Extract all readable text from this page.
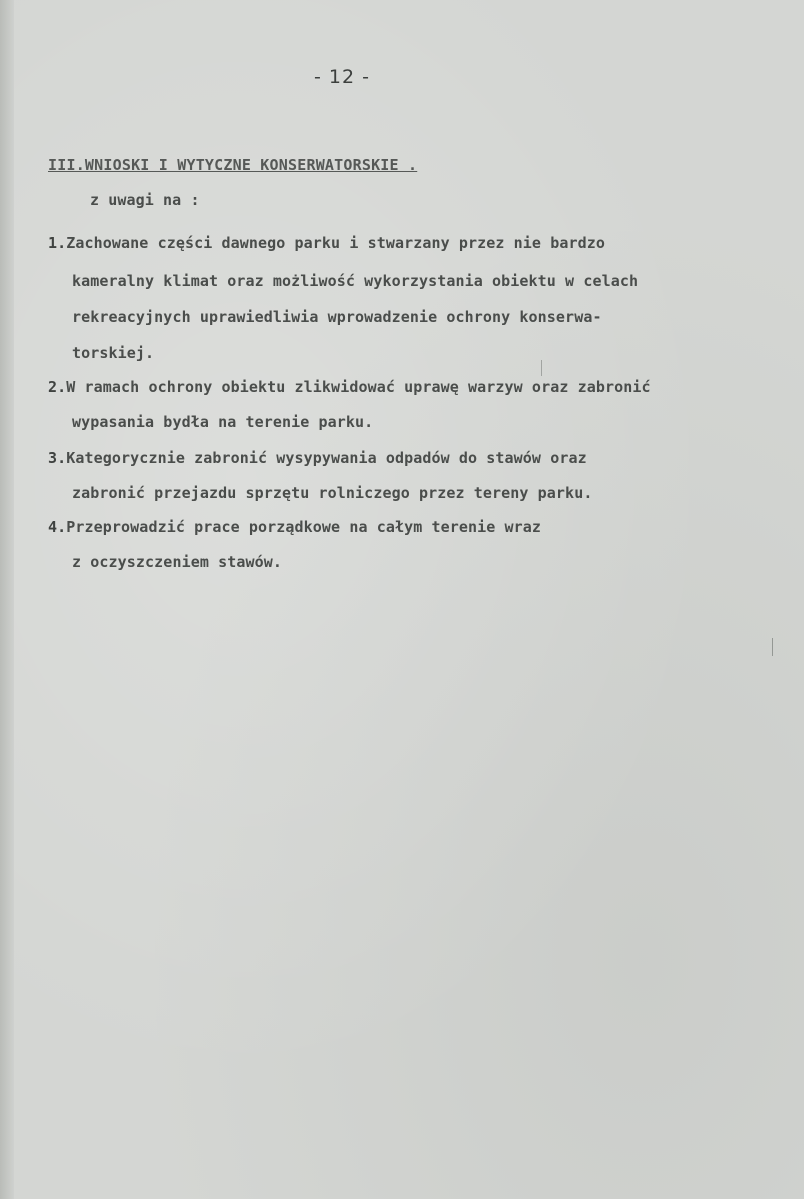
- 12 -
III.WNIOSKI I WYTYCZNE KONSERWATORSKIE .
z uwagi na :
1.Zachowane części dawnego parku i stwarzany przez nie bardzo
kameralny klimat oraz możliwość wykorzystania obiektu w celach
rekreacyjnych uprawiedliwia wprowadzenie ochrony konserwa-
torskiej.
2.W ramach ochrony obiektu zlikwidować uprawę warzyw oraz zabronić
wypasania bydła na terenie parku.
3.Kategorycznie zabronić wysypywania odpadów do stawów oraz
zabronić przejazdu sprzętu rolniczego przez tereny parku.
4.Przeprowadzić prace porządkowe na całym terenie wraz
z oczyszczeniem stawów.
